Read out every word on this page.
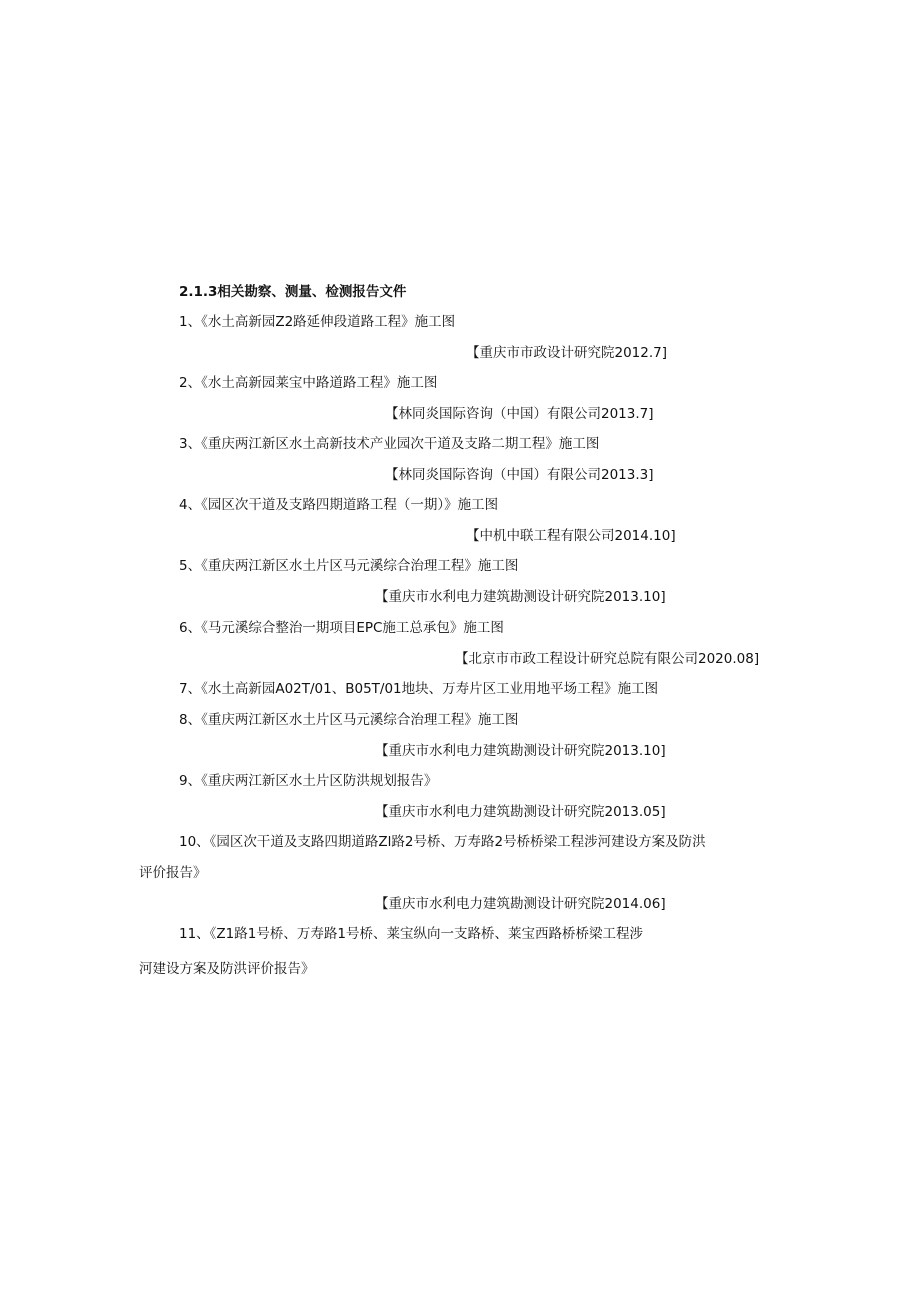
2.1.3相关勘察、测量、检测报告文件
1、《水土高新园Z2路延伸段道路工程》施工图
【重庆市市政设计研究院2012.7]
2、《水土高新园莱宝中路道路工程》施工图
【林同炎国际咨询（中国）有限公司2013.7]
3、《重庆两江新区水土高新技术产业园次干道及支路二期工程》施工图
【林同炎国际咨询（中国）有限公司2013.3]
4、《园区次干道及支路四期道路工程（一期）》施工图
【中机中联工程有限公司2014.10]
5、《重庆两江新区水土片区马元溪综合治理工程》施工图
【重庆市水利电力建筑勘测设计研究院2013.10]
6、《马元溪综合整治一期项目EPC施工总承包》施工图
【北京市市政工程设计研究总院有限公司2020.08]
7、《水土高新园A02T/01、B05T/01地块、万寿片区工业用地平场工程》施工图
8、《重庆两江新区水土片区马元溪综合治理工程》施工图
【重庆市水利电力建筑勘测设计研究院2013.10]
9、《重庆两江新区水土片区防洪规划报告》
【重庆市水利电力建筑勘测设计研究院2013.05]
10、《园区次干道及支路四期道路Zl路2号桥、万寿路2号桥桥梁工程涉河建设方案及防洪
评价报告》
【重庆市水利电力建筑勘测设计研究院2014.06]
11、《Z1路1号桥、万寿路1号桥、莱宝纵向一支路桥、莱宝西路桥桥梁工程涉
河建设方案及防洪评价报告》
